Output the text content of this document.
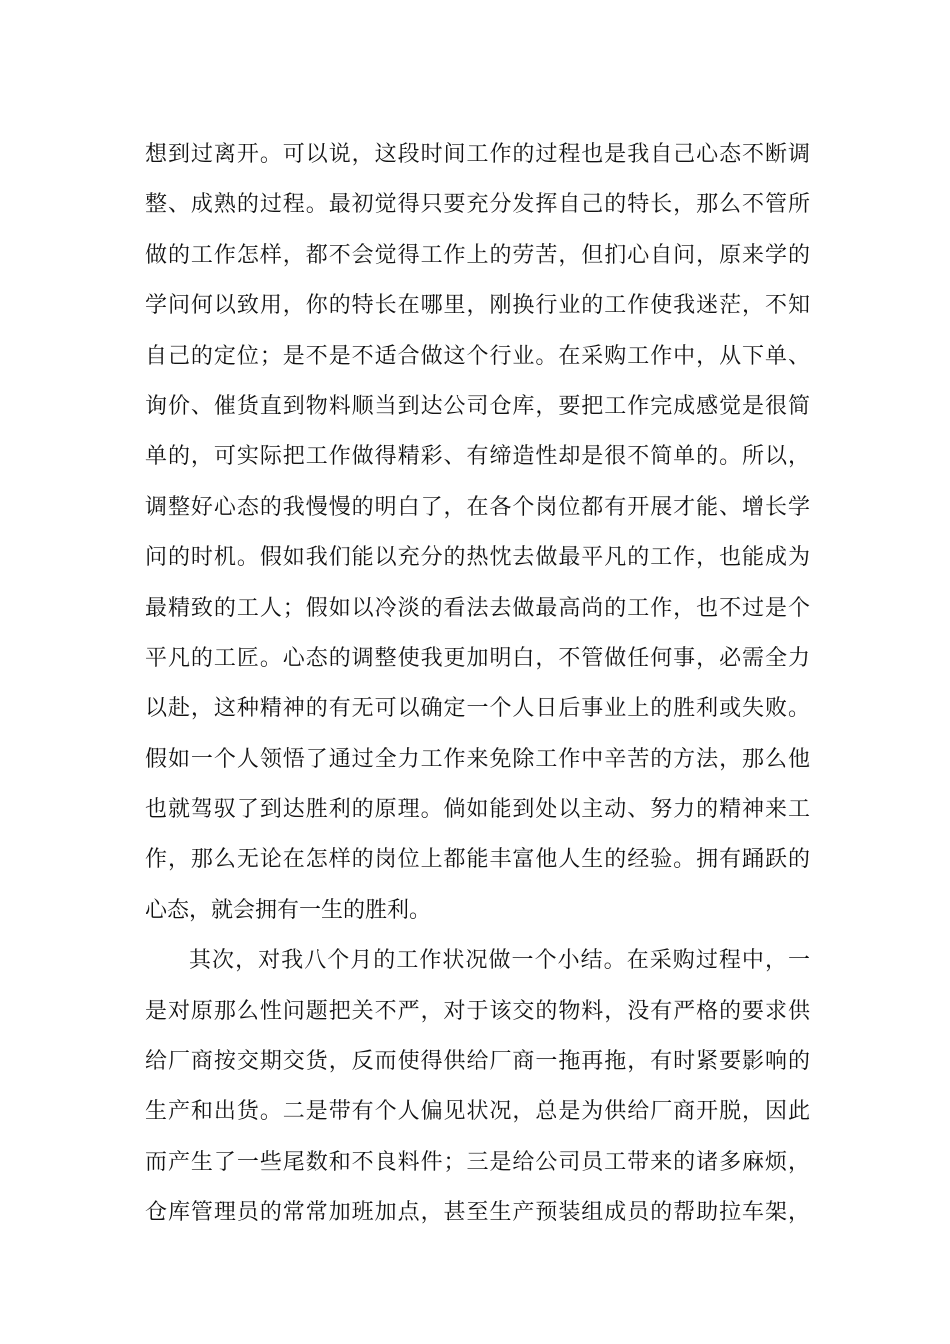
想到过离开。可以说，这段时间工作的过程也是我自己心态不断调
整、成熟的过程。最初觉得只要充分发挥自己的特长，那么不管所
做的工作怎样，都不会觉得工作上的劳苦，但扪心自问，原来学的
学问何以致用，你的特长在哪里，刚换行业的工作使我迷茫，不知
自己的定位；是不是不适合做这个行业。在采购工作中，从下单、
询价、催货直到物料顺当到达公司仓库，要把工作完成感觉是很简
单的，可实际把工作做得精彩、有缔造性却是很不简单的。所以，
调整好心态的我慢慢的明白了，在各个岗位都有开展才能、增长学
问的时机。假如我们能以充分的热忱去做最平凡的工作，也能成为
最精致的工人；假如以冷淡的看法去做最高尚的工作，也不过是个
平凡的工匠。心态的调整使我更加明白，不管做任何事，必需全力
以赴，这种精神的有无可以确定一个人日后事业上的胜利或失败。
假如一个人领悟了通过全力工作来免除工作中辛苦的方法，那么他
也就驾驭了到达胜利的原理。倘如能到处以主动、努力的精神来工
作，那么无论在怎样的岗位上都能丰富他人生的经验。拥有踊跃的
心态，就会拥有一生的胜利。
其次，对我八个月的工作状况做一个小结。在采购过程中，一
是对原那么性问题把关不严，对于该交的物料，没有严格的要求供
给厂商按交期交货，反而使得供给厂商一拖再拖，有时紧要影响的
生产和出货。二是带有个人偏见状况，总是为供给厂商开脱，因此
而产生了一些尾数和不良料件；三是给公司员工带来的诸多麻烦，
仓库管理员的常常加班加点，甚至生产预装组成员的帮助拉车架，
